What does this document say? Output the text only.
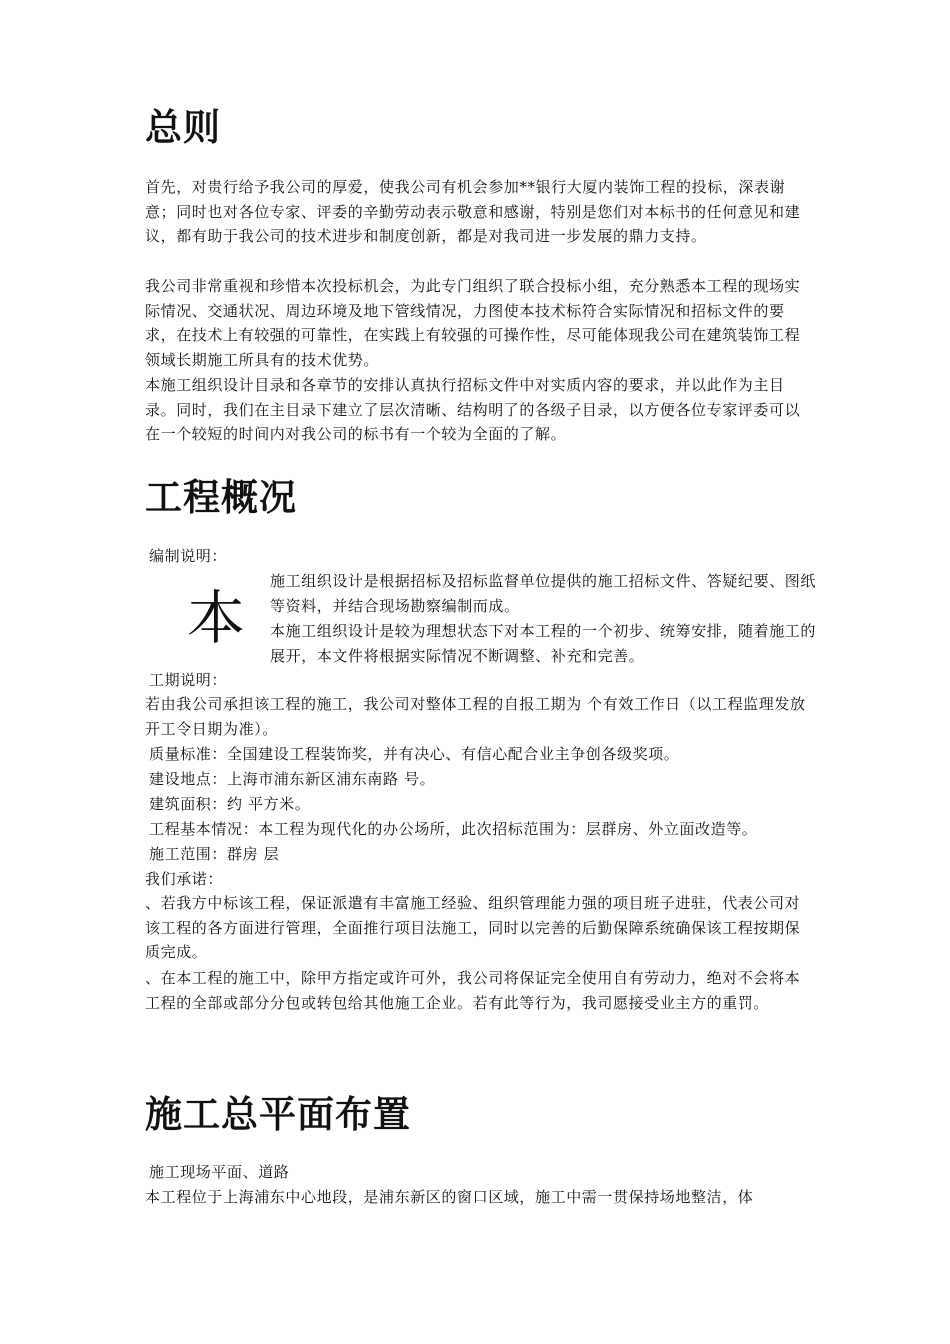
总则

首先，对贵行给予我公司的厚爱，使我公司有机会参加**银行大厦内装饰工程的投标，深表谢意；同时也对各位专家、评委的辛勤劳动表示敬意和感谢，特别是您们对本标书的任何意见和建议，都有助于我公司的技术进步和制度创新，都是对我司进一步发展的鼎力支持。

我公司非常重视和珍惜本次投标机会，为此专门组织了联合投标小组，充分熟悉本工程的现场实际情况、交通状况、周边环境及地下管线情况，力图使本技术标符合实际情况和招标文件的要求，在技术上有较强的可靠性，在实践上有较强的可操作性，尽可能体现我公司在建筑装饰工程领域长期施工所具有的技术优势。

本施工组织设计目录和各章节的安排认真执行招标文件中对实质内容的要求，并以此作为主目录。同时，我们在主目录下建立了层次清晰、结构明了的各级子目录，以方便各位专家评委可以在一个较短的时间内对我公司的标书有一个较为全面的了解。

工程概况

编制说明：

本
施工组织设计是根据招标及招标监督单位提供的施工招标文件、答疑纪要、图纸等资料，并结合现场勘察编制而成。
本施工组织设计是较为理想状态下对本工程的一个初步、统筹安排，随着施工的展开，本文件将根据实际情况不断调整、补充和完善。

工期说明：

若由我公司承担该工程的施工，我公司对整体工程的自报工期为 个有效工作日（以工程监理发放开工令日期为准）。

质量标准：全国建设工程装饰奖，并有决心、有信心配合业主争创各级奖项。

建设地点：上海市浦东新区浦东南路 号。

建筑面积：约 平方米。

工程基本情况：本工程为现代化的办公场所，此次招标范围为：层群房、外立面改造等。

施工范围：群房 层

我们承诺：

、若我方中标该工程，保证派遣有丰富施工经验、组织管理能力强的项目班子进驻，代表公司对该工程的各方面进行管理，全面推行项目法施工，同时以完善的后勤保障系统确保该工程按期保质完成。

、在本工程的施工中，除甲方指定或许可外，我公司将保证完全使用自有劳动力，绝对不会将本工程的全部或部分分包或转包给其他施工企业。若有此等行为，我司愿接受业主方的重罚。

施工总平面布置

施工现场平面、道路

本工程位于上海浦东中心地段，是浦东新区的窗口区域，施工中需一贯保持场地整洁，体
